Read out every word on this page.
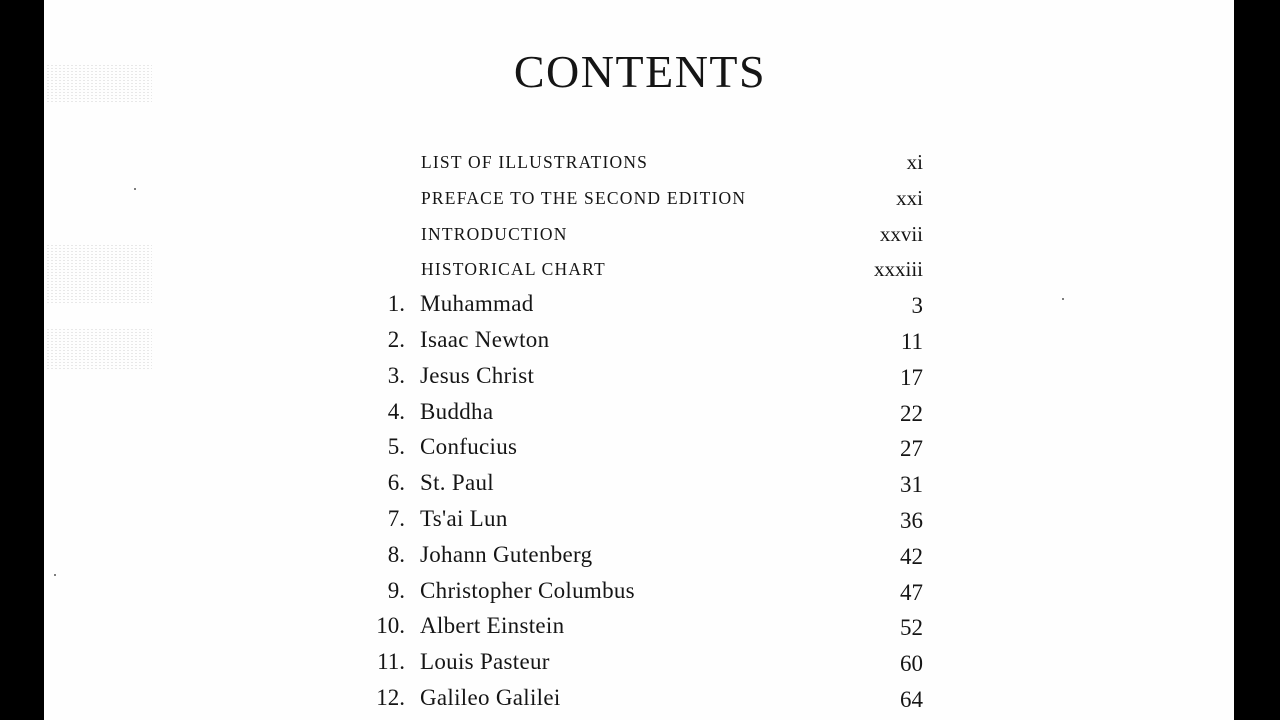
CONTENTS
LIST OF ILLUSTRATIONS	xi
PREFACE TO THE SECOND EDITION	xxi
INTRODUCTION	xxvii
HISTORICAL CHART	xxxiii
1. Muhammad	3
2. Isaac Newton	11
3. Jesus Christ	17
4. Buddha	22
5. Confucius	27
6. St. Paul	31
7. Ts'ai Lun	36
8. Johann Gutenberg	42
9. Christopher Columbus	47
10. Albert Einstein	52
11. Louis Pasteur	60
12. Galileo Galilei	64
